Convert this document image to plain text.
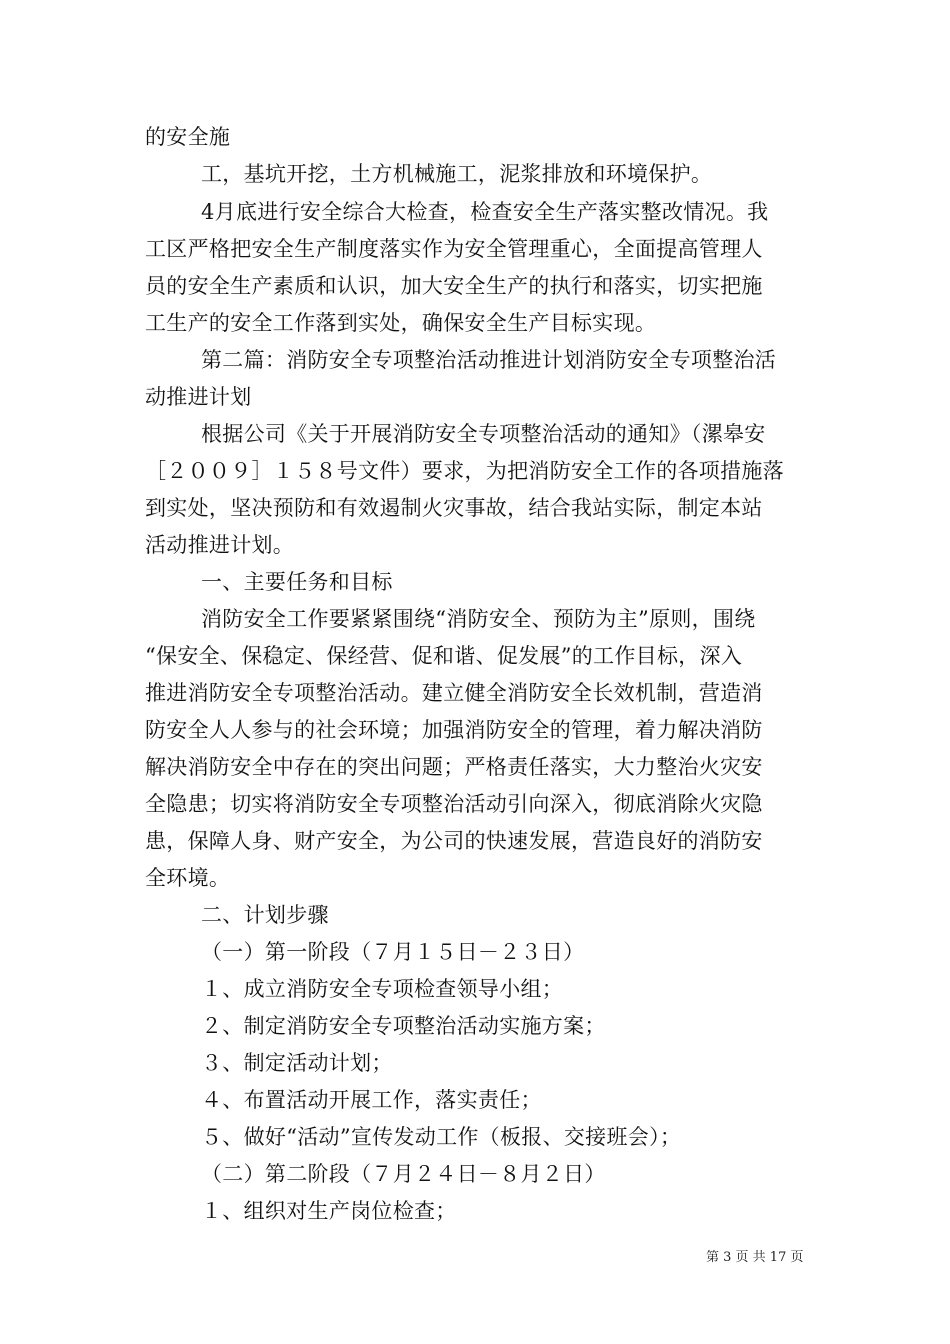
的安全施
工，基坑开挖，土方机械施工，泥浆排放和环境保护。
4月底进行安全综合大检查，检查安全生产落实整改情况。我
工区严格把安全生产制度落实作为安全管理重心，全面提高管理人
员的安全生产素质和认识，加大安全生产的执行和落实，切实把施
工生产的安全工作落到实处，确保安全生产目标实现。
第二篇：消防安全专项整治活动推进计划消防安全专项整治活
动推进计划
根据公司《关于开展消防安全专项整治活动的通知》（漯皋安
［２００９］１５８号文件）要求，为把消防安全工作的各项措施落
到实处，坚决预防和有效遏制火灾事故，结合我站实际，制定本站
活动推进计划。
一、主要任务和目标
消防安全工作要紧紧围绕“消防安全、预防为主”原则，围绕
“保安全、保稳定、保经营、促和谐、促发展”的工作目标，深入
推进消防安全专项整治活动。建立健全消防安全长效机制，营造消
防安全人人参与的社会环境；加强消防安全的管理，着力解决消防
解决消防安全中存在的突出问题；严格责任落实，大力整治火灾安
全隐患；切实将消防安全专项整治活动引向深入，彻底消除火灾隐
患，保障人身、财产安全，为公司的快速发展，营造良好的消防安
全环境。
二、计划步骤
（一）第一阶段（７月１５日－２３日）
１、成立消防安全专项检查领导小组；
２、制定消防安全专项整治活动实施方案；
３、制定活动计划；
４、布置活动开展工作，落实责任；
５、做好“活动”宣传发动工作（板报、交接班会）；
（二）第二阶段（７月２４日－８月２日）
１、组织对生产岗位检查；
第 3 页 共 17 页
